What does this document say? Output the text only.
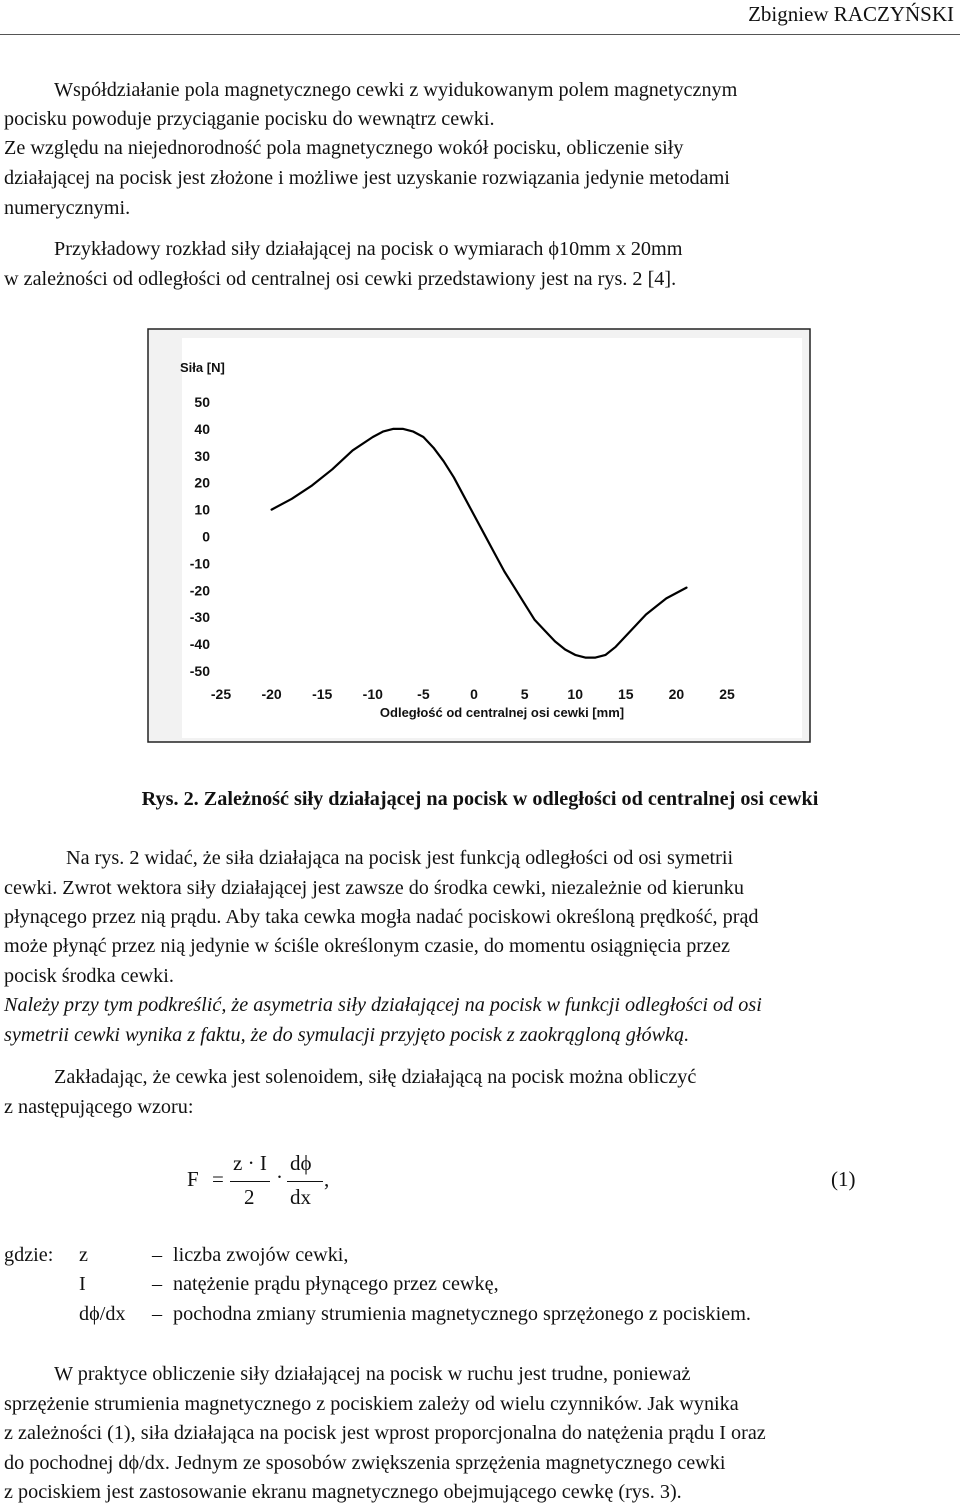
Zbigniew RACZYŃSKI

Współdziałanie pola magnetycznego cewki z wyidukowanym polem magnetycznym

pocisku powoduje przyciąganie pocisku do wewnątrz cewki.

Ze względu na niejednorodność pola magnetycznego wokół pocisku, obliczenie siły

działającej na pocisk jest złożone i możliwe jest uzyskanie rozwiązania jedynie metodami

numerycznymi.

Przykładowy rozkład siły działającej na pocisk o wymiarach ϕ10mm x 20mm

w zależności od odległości od centralnej osi cewki przedstawiony jest na rys. 2 [4].

Siła [N]
50
40
30
20
10
0
-10
-20
-30
-40
-50
-25 -20 -15 -10 -5	0	5	10	15	20	25
Odległość od centralnej osi cewki [mm]
Rys. 2. Zależność siły działającej na pocisk w odległości od centralnej osi cewki

Na rys. 2 widać, że siła działająca na pocisk jest funkcją odległości od osi symetrii

cewki. Zwrot wektora siły działającej jest zawsze do środka cewki, niezależnie od kierunku

płynącego przez nią prądu. Aby taka cewka mogła nadać pociskowi określoną prędkość, prąd

może płynąć przez nią jedynie w ściśle określonym czasie, do momentu osiągnięcia przez

pocisk środka cewki.

Należy przy tym podkreślić, że asymetria siły działającej na pocisk w funkcji odległości od osi

symetrii cewki wynika z faktu, że do symulacji przyjęto pocisk z zaokrągloną główką.

Zakładając, że cewka jest solenoidem, siłę działającą na pocisk można obliczyć

z następującego wzoru:

F =
z · I
2
·
dϕ
dx
,	(1)
gdzie: z	– liczba zwojów cewki,
I	– natężenie prądu płynącego przez cewkę,
dϕ/dx – pochodna zmiany strumienia magnetycznego sprzężonego z pociskiem.

W praktyce obliczenie siły działającej na pocisk w ruchu jest trudne, ponieważ

sprzężenie strumienia magnetycznego z pociskiem zależy od wielu czynników. Jak wynika

z zależności (1), siła działająca na pocisk jest wprost proporcjonalna do natężenia prądu I oraz

do pochodnej dϕ/dx. Jednym ze sposobów zwiększenia sprzężenia magnetycznego cewki

z pociskiem jest zastosowanie ekranu magnetycznego obejmującego cewkę (rys. 3).
